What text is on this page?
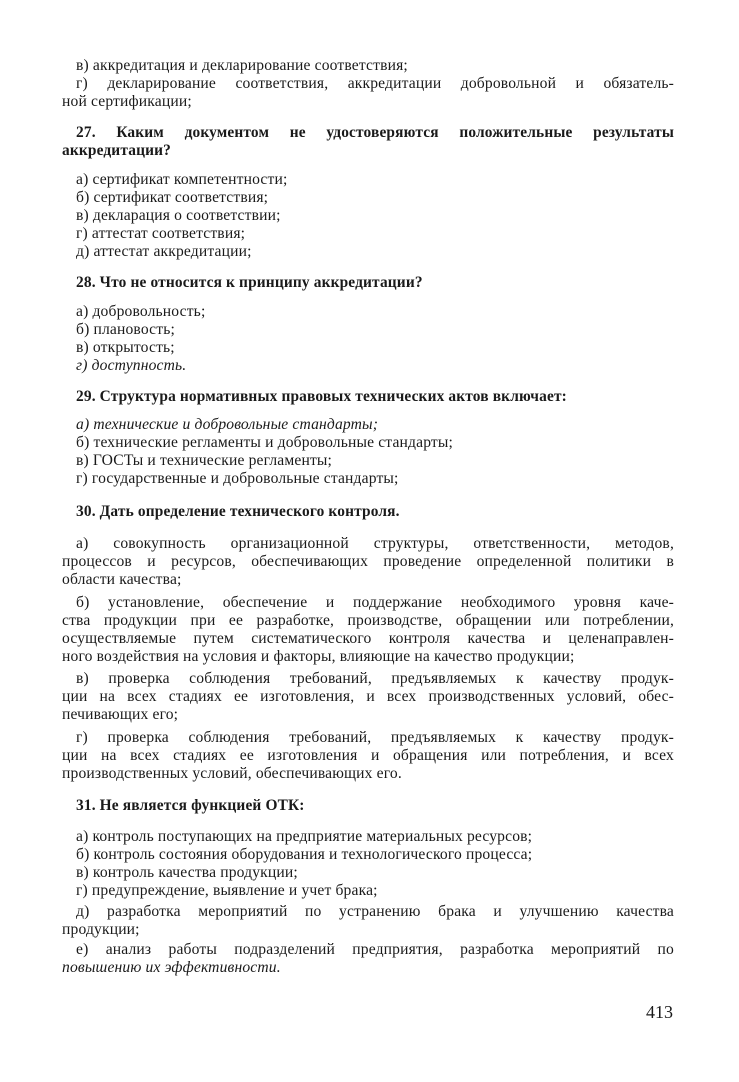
в) аккредитация и декларирование соответствия;
г) декларирование соответствия, аккредитации добровольной и обязатель-
ной сертификации;
27. Каким документом не удостоверяются положительные результаты
аккредитации?
а) сертификат компетентности;
б) сертификат соответствия;
в) декларация о соответствии;
г) аттестат соответствия;
д) аттестат аккредитации;
28. Что не относится к принципу аккредитации?
а) добровольность;
б) плановость;
в) открытость;
г) доступность.
29. Структура нормативных правовых технических актов включает:
а) технические и добровольные стандарты;
б) технические регламенты и добровольные стандарты;
в) ГОСТы и технические регламенты;
г) государственные и добровольные стандарты;
30. Дать определение технического контроля.
а) совокупность организационной структуры, ответственности, методов,
процессов и ресурсов, обеспечивающих проведение определенной политики в
области качества;
б) установление, обеспечение и поддержание необходимого уровня каче-
ства продукции при ее разработке, производстве, обращении или потреблении,
осуществляемые путем систематического контроля качества и целенаправлен-
ного воздействия на условия и факторы, влияющие на качество продукции;
в) проверка соблюдения требований, предъявляемых к качеству продук-
ции на всех стадиях ее изготовления, и всех производственных условий, обес-
печивающих его;
г) проверка соблюдения требований, предъявляемых к качеству продук-
ции на всех стадиях ее изготовления и обращения или потребления, и всех
производственных условий, обеспечивающих его.
31. Не является функцией ОТК:
а) контроль поступающих на предприятие материальных ресурсов;
б) контроль состояния оборудования и технологического процесса;
в) контроль качества продукции;
г) предупреждение, выявление и учет брака;
д) разработка мероприятий по устранению брака и улучшению качества
продукции;
е) анализ работы подразделений предприятия, разработка мероприятий по
повышению их эффективности.
413
